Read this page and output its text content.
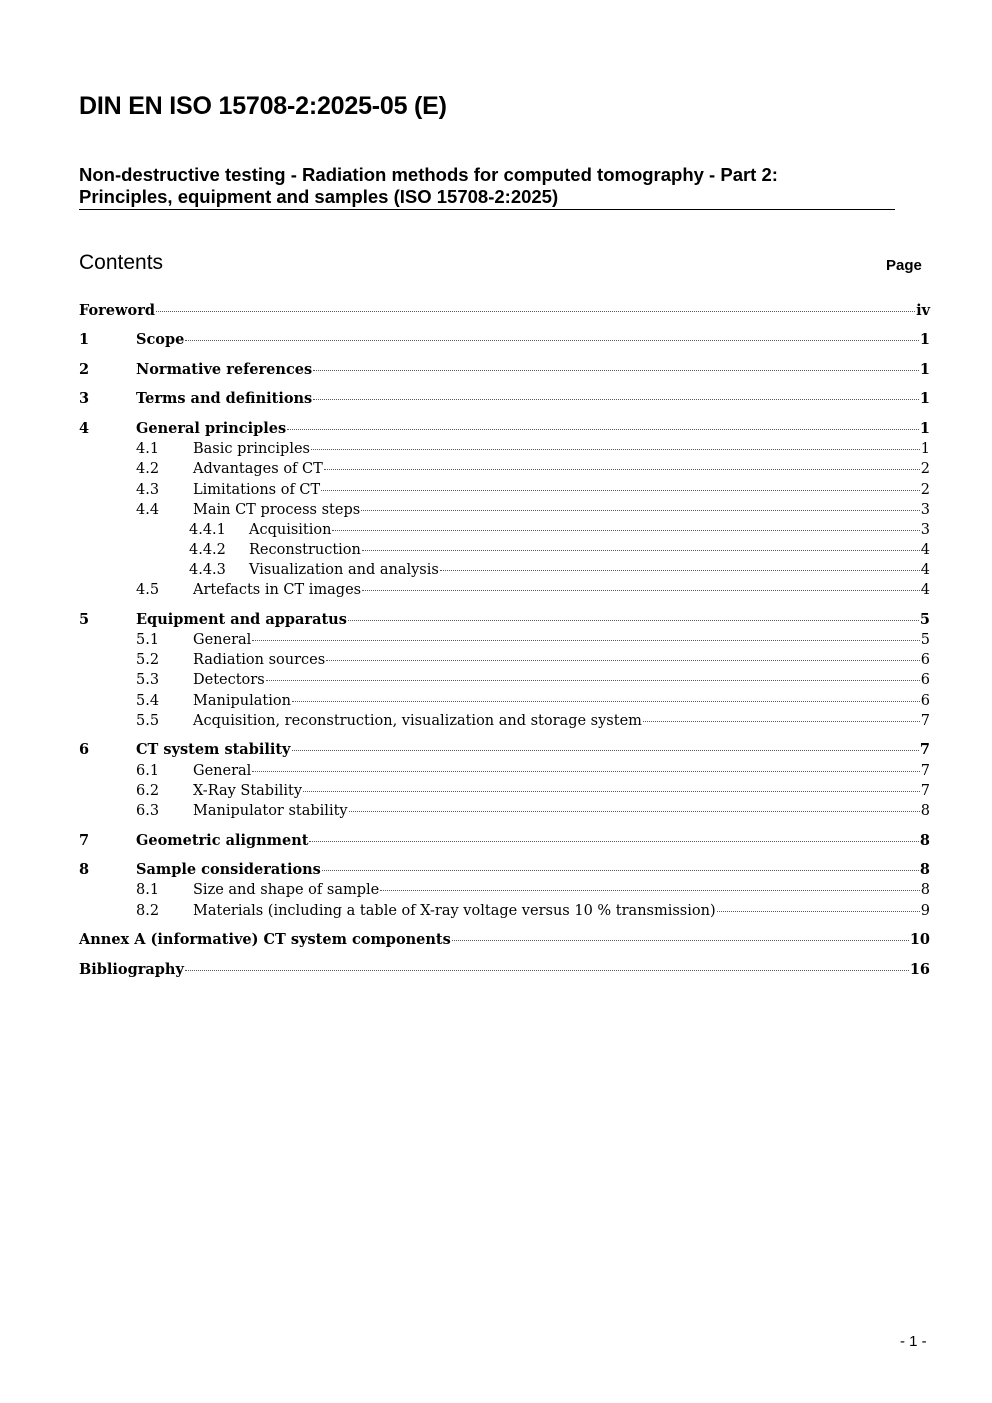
DIN EN ISO 15708-2:2025-05 (E)
Non-destructive testing - Radiation methods for computed tomography - Part 2:
Principles, equipment and samples (ISO 15708-2:2025)
Contents	Page
Foreword	iv
1	Scope	1
2	Normative references	1
3	Terms and definitions	1
4	General principles	1
4.1	Basic principles	1
4.2	Advantages of CT	2
4.3	Limitations of CT	2
4.4	Main CT process steps	3
4.4.1	Acquisition	3
4.4.2	Reconstruction	4
4.4.3	Visualization and analysis	4
4.5	Artefacts in CT images	4
5	Equipment and apparatus	5
5.1	General	5
5.2	Radiation sources	6
5.3	Detectors	6
5.4	Manipulation	6
5.5	Acquisition, reconstruction, visualization and storage system	7
6	CT system stability	7
6.1	General	7
6.2	X-Ray Stability	7
6.3	Manipulator stability	8
7	Geometric alignment	8
8	Sample considerations	8
8.1	Size and shape of sample	8
8.2	Materials (including a table of X-ray voltage versus 10 % transmission)	9
Annex A (informative) CT system components	10
Bibliography	16
- 1 -
